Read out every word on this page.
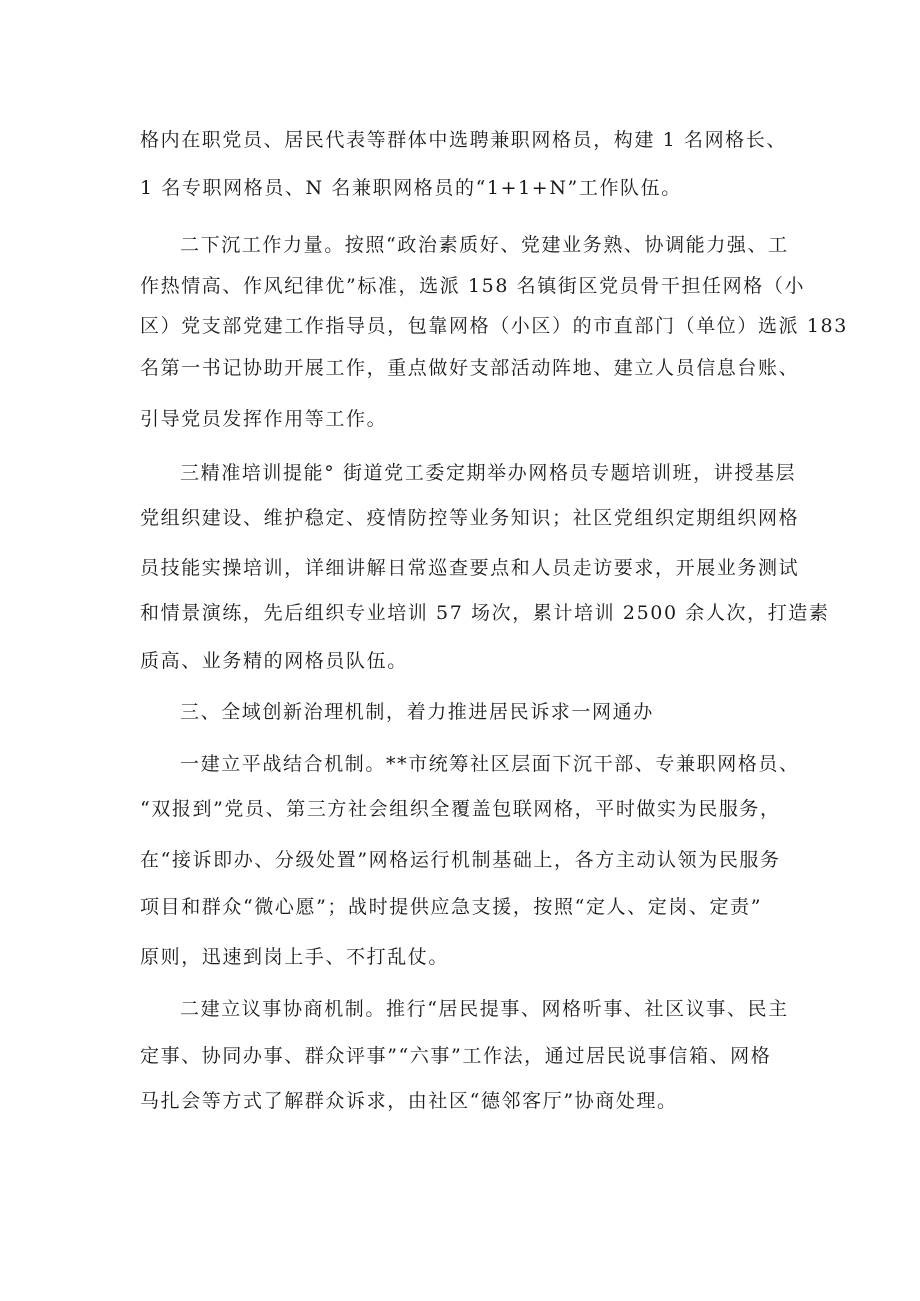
格内在职党员、居民代表等群体中选聘兼职网格员，构建 1 名网格长、
1 名专职网格员、N 名兼职网格员的“1+1+N”工作队伍。
二下沉工作力量。按照“政治素质好、党建业务熟、协调能力强、工
作热情高、作风纪律优”标准，选派 158 名镇街区党员骨干担任网格（小
区）党支部党建工作指导员，包靠网格（小区）的市直部门（单位）选派 183
名第一书记协助开展工作，重点做好支部活动阵地、建立人员信息台账、
引导党员发挥作用等工作。
三精准培训提能° 街道党工委定期举办网格员专题培训班，讲授基层
党组织建设、维护稳定、疫情防控等业务知识；社区党组织定期组织网格
员技能实操培训，详细讲解日常巡查要点和人员走访要求，开展业务测试
和情景演练，先后组织专业培训 57 场次，累计培训 2500 余人次，打造素
质高、业务精的网格员队伍。
三、全域创新治理机制，着力推进居民诉求一网通办
一建立平战结合机制。**市统筹社区层面下沉干部、专兼职网格员、
“双报到”党员、第三方社会组织全覆盖包联网格，平时做实为民服务，
在“接诉即办、分级处置”网格运行机制基础上，各方主动认领为民服务
项目和群众“微心愿”；战时提供应急支援，按照“定人、定岗、定责”
原则，迅速到岗上手、不打乱仗。
二建立议事协商机制。推行“居民提事、网格听事、社区议事、民主
定事、协同办事、群众评事”“六事”工作法，通过居民说事信箱、网格
马扎会等方式了解群众诉求，由社区“德邻客厅”协商处理。
